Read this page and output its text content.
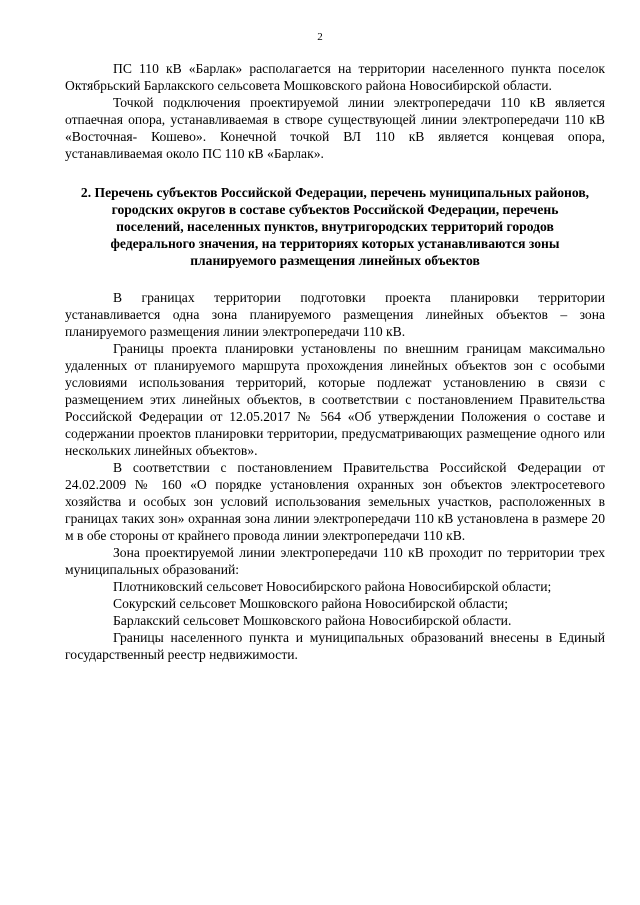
2

ПС 110 кВ «Барлак» располагается на территории населенного пункта поселок Октябрьский Барлакского сельсовета Мошковского района Новосибирской области.

Точкой подключения проектируемой линии электропередачи 110 кВ является отпаечная опора, устанавливаемая в створе существующей линии электропередачи 110 кВ «Восточная- Кошево». Конечной точкой ВЛ 110 кВ является концевая опора, устанавливаемая около ПС 110 кВ «Барлак».

2. Перечень субъектов Российской Федерации, перечень муниципальных районов, городских округов в составе субъектов Российской Федерации, перечень поселений, населенных пунктов, внутригородских территорий городов федерального значения, на территориях которых устанавливаются зоны планируемого размещения линейных объектов

В границах территории подготовки проекта планировки территории устанавливается одна зона планируемого размещения линейных объектов – зона планируемого размещения линии электропередачи 110 кВ.

Границы проекта планировки установлены по внешним границам максимально удаленных от планируемого маршрута прохождения линейных объектов зон с особыми условиями использования территорий, которые подлежат установлению в связи с размещением этих линейных объектов, в соответствии с постановлением Правительства Российской Федерации от 12.05.2017 № 564 «Об утверждении Положения о составе и содержании проектов планировки территории, предусматривающих размещение одного или нескольких линейных объектов».

В соответствии с постановлением Правительства Российской Федерации от 24.02.2009 № 160 «О порядке установления охранных зон объектов электросетевого хозяйства и особых зон условий использования земельных участков, расположенных в границах таких зон» охранная зона линии электропередачи 110 кВ установлена в размере 20 м в обе стороны от крайнего провода линии электропередачи 110 кВ.

Зона проектируемой линии электропередачи 110 кВ проходит по территории трех муниципальных образований:

Плотниковский сельсовет Новосибирского района Новосибирской области;

Сокурский сельсовет Мошковского района Новосибирской области;

Барлакский сельсовет Мошковского района Новосибирской области.

Границы населенного пункта и муниципальных образований внесены в Единый государственный реестр недвижимости.
